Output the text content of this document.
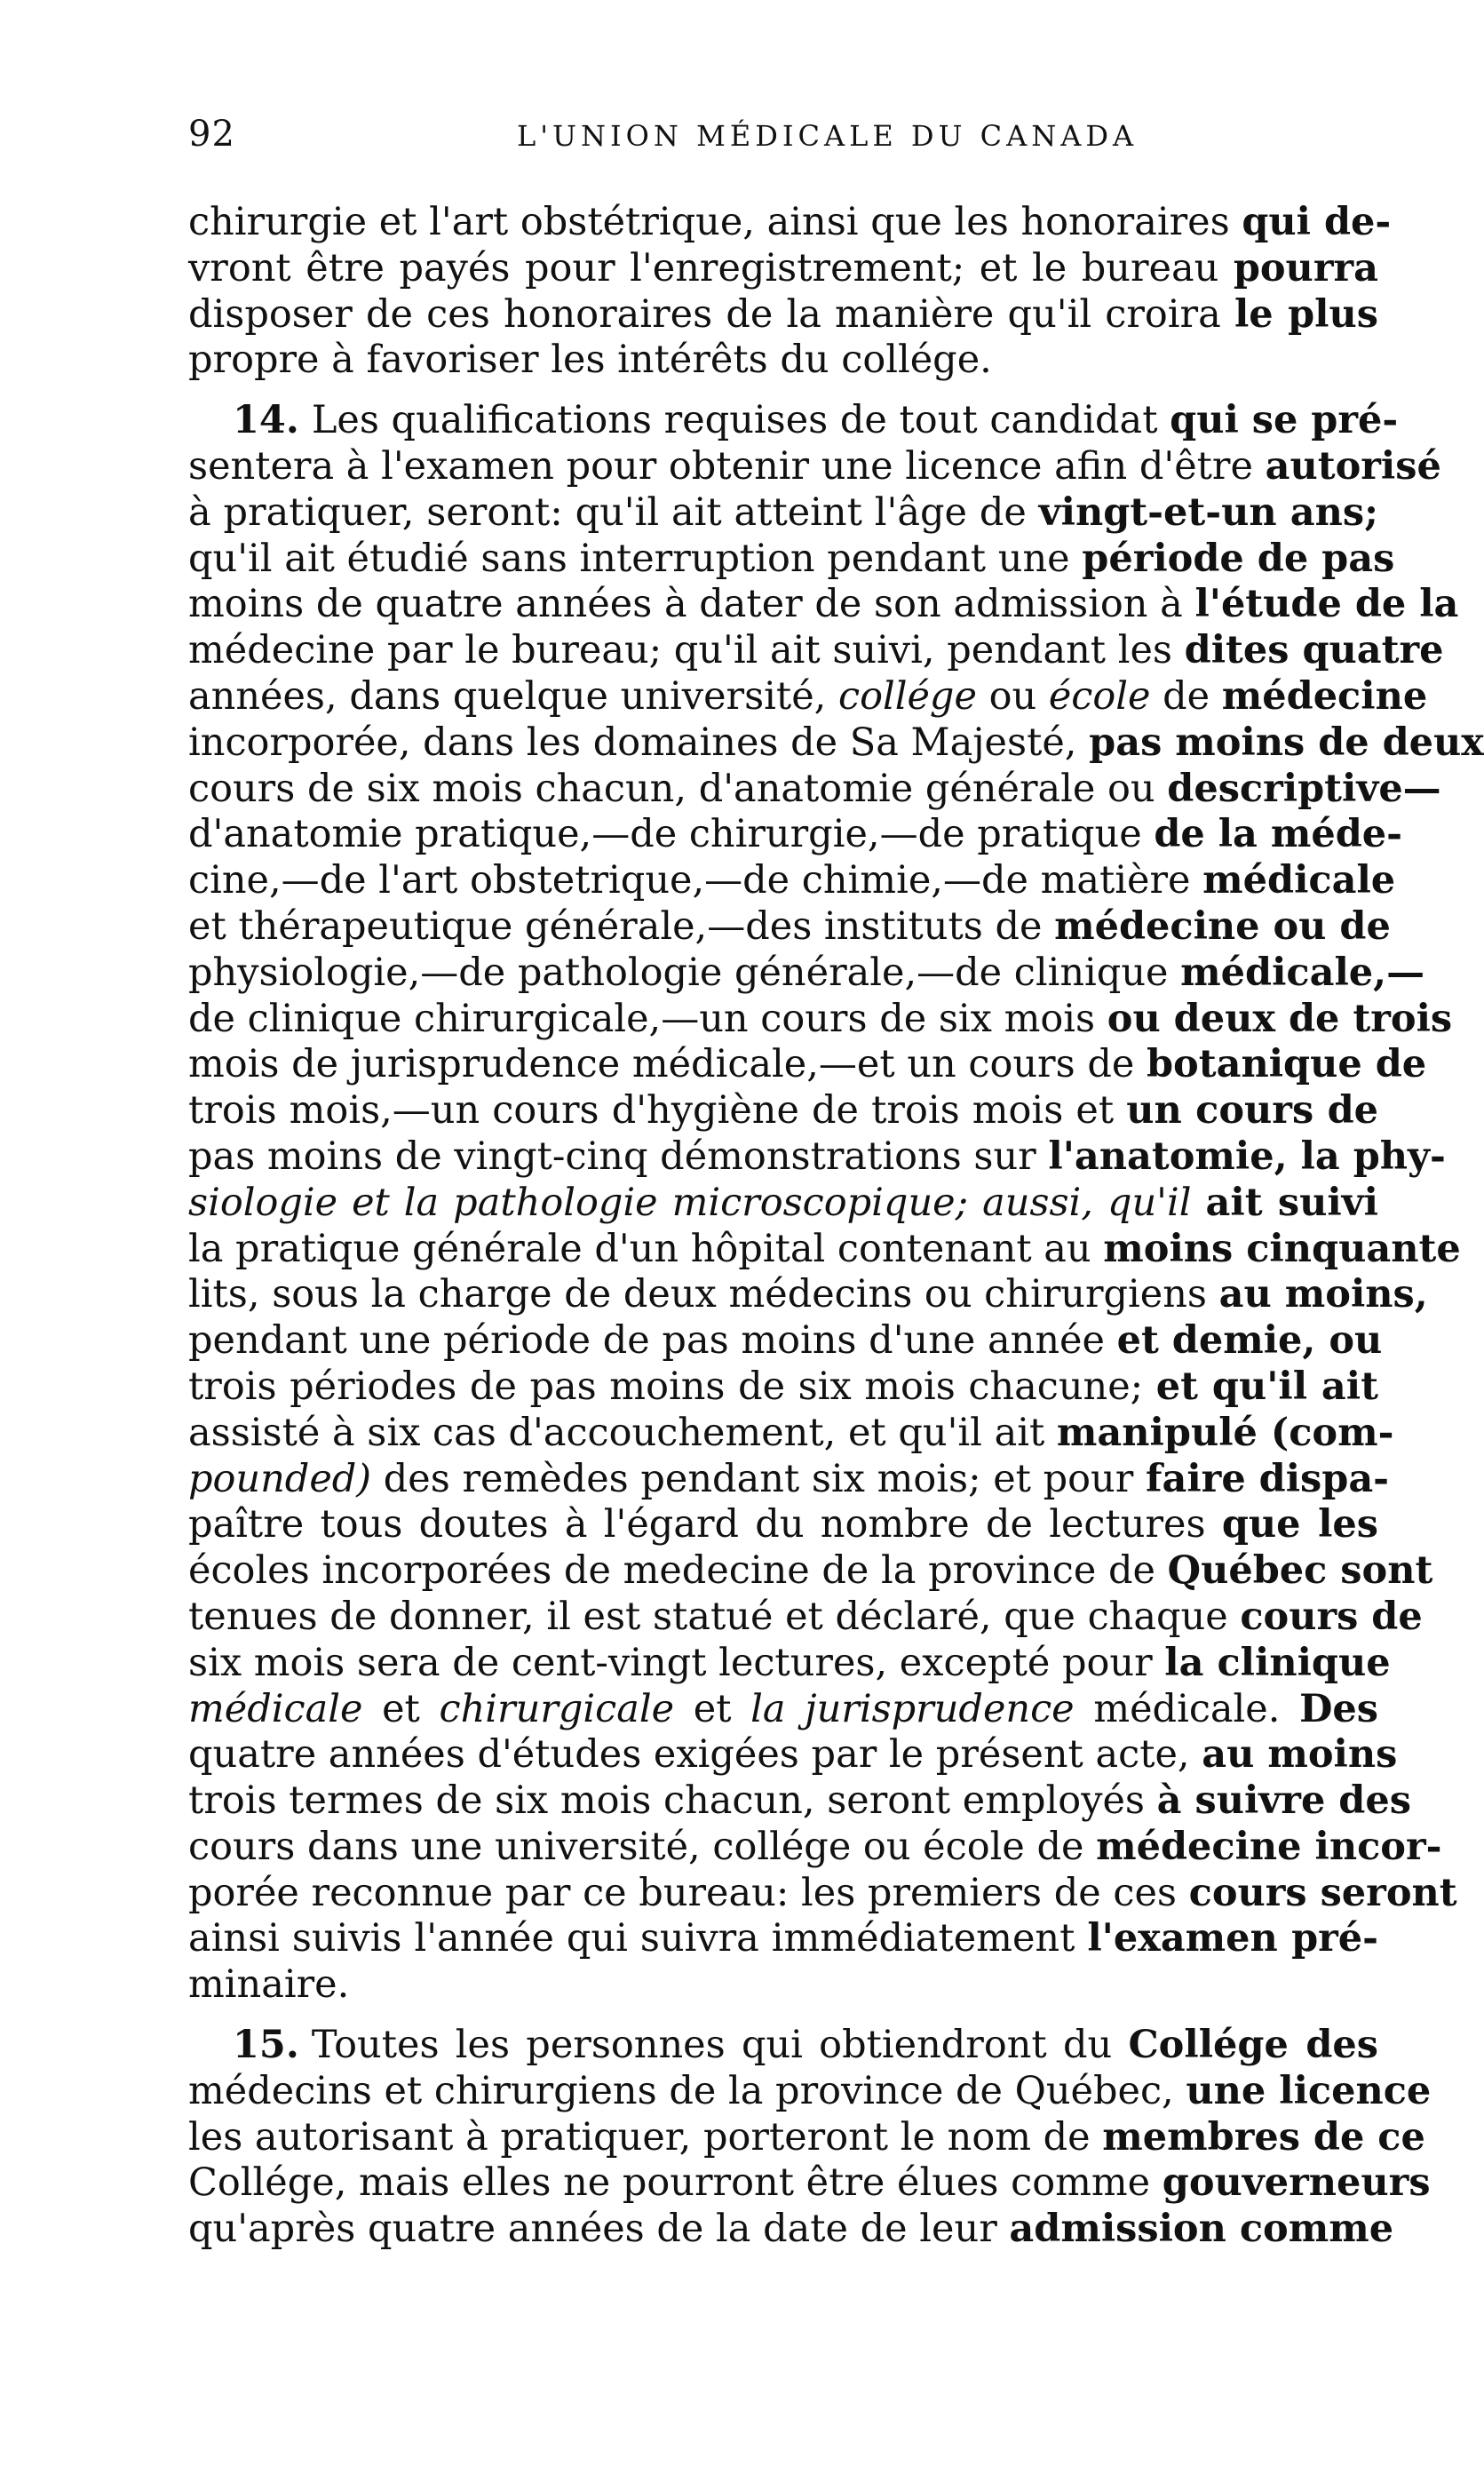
92	L'UNION MÉDICALE DU CANADA
chirurgie et l'art obstétrique, ainsi que les honoraires qui de-
vront être payés pour l'enregistrement; et le bureau pourra
disposer de ces honoraires de la manière qu'il croira le plus
propre à favoriser les intérêts du collége.
14. Les qualifications requises de tout candidat qui se pré-
sentera à l'examen pour obtenir une licence afin d'être autorisé
à pratiquer, seront: qu'il ait atteint l'âge de vingt-et-un ans;
qu'il ait étudié sans interruption pendant une période de pas
moins de quatre années à dater de son admission à l'étude de la
médecine par le bureau; qu'il ait suivi, pendant les dites quatre
années, dans quelque université, collége ou école de médecine
incorporée, dans les domaines de Sa Majesté, pas moins de deux
cours de six mois chacun, d'anatomie générale ou descriptive—
d'anatomie pratique,—de chirurgie,—de pratique de la méde-
cine,—de l'art obstetrique,—de chimie,—de matière médicale
et thérapeutique générale,—des instituts de médecine ou de
physiologie,—de pathologie générale,—de clinique médicale,—
de clinique chirurgicale,—un cours de six mois ou deux de trois
mois de jurisprudence médicale,—et un cours de botanique de
trois mois,—un cours d'hygiène de trois mois et un cours de
pas moins de vingt-cinq démonstrations sur l'anatomie, la phy-
siologie et la pathologie microscopique; aussi, qu'il ait suivi
la pratique générale d'un hôpital contenant au moins cinquante
lits, sous la charge de deux médecins ou chirurgiens au moins,
pendant une période de pas moins d'une année et demie, ou
trois périodes de pas moins de six mois chacune; et qu'il ait
assisté à six cas d'accouchement, et qu'il ait manipulé (com-
pounded) des remèdes pendant six mois; et pour faire dispa-
paître tous doutes à l'égard du nombre de lectures que les
écoles incorporées de medecine de la province de Québec sont
tenues de donner, il est statué et déclaré, que chaque cours de
six mois sera de cent-vingt lectures, excepté pour la clinique
médicale et chirurgicale et la jurisprudence médicale. Des
quatre années d'études exigées par le présent acte, au moins
trois termes de six mois chacun, seront employés à suivre des
cours dans une université, collége ou école de médecine incor-
porée reconnue par ce bureau: les premiers de ces cours seront
ainsi suivis l'année qui suivra immédiatement l'examen pré-
minaire.
15. Toutes les personnes qui obtiendront du Collége des
médecins et chirurgiens de la province de Québec, une licence
les autorisant à pratiquer, porteront le nom de membres de ce
Collége, mais elles ne pourront être élues comme gouverneurs
qu'après quatre années de la date de leur admission comme
